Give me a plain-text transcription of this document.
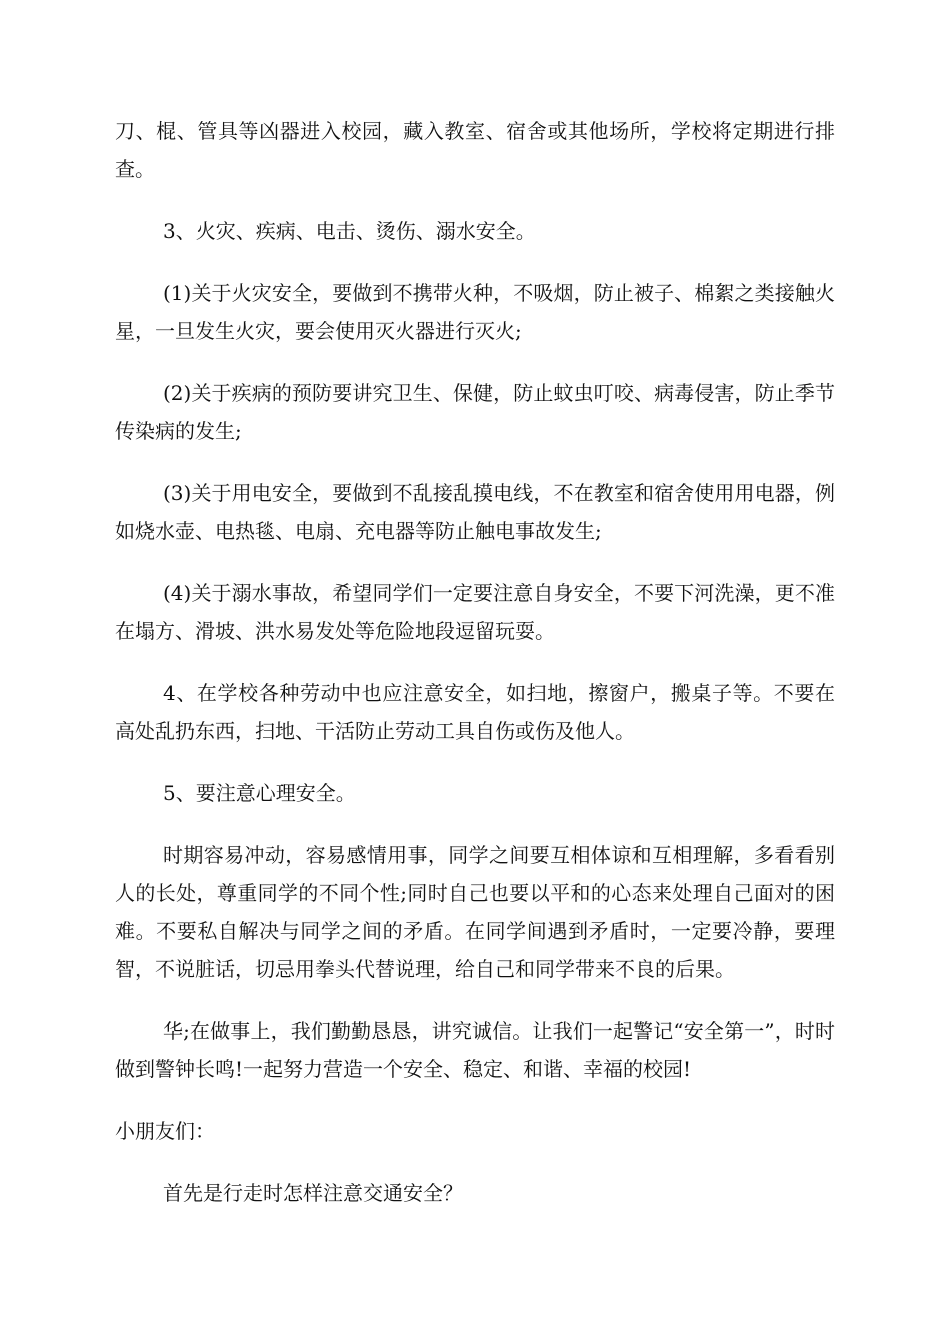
刀、棍、管具等凶器进入校园，藏入教室、宿舍或其他场所，学校将定期进行排查。

3、火灾、疾病、电击、烫伤、溺水安全。

(1)关于火灾安全，要做到不携带火种，不吸烟，防止被子、棉絮之类接触火星，一旦发生火灾，要会使用灭火器进行灭火;

(2)关于疾病的预防要讲究卫生、保健，防止蚊虫叮咬、病毒侵害，防止季节传染病的发生;

(3)关于用电安全，要做到不乱接乱摸电线，不在教室和宿舍使用用电器，例如烧水壶、电热毯、电扇、充电器等防止触电事故发生;

(4)关于溺水事故，希望同学们一定要注意自身安全，不要下河洗澡，更不准在塌方、滑坡、洪水易发处等危险地段逗留玩耍。

4、在学校各种劳动中也应注意安全，如扫地，擦窗户，搬桌子等。不要在高处乱扔东西，扫地、干活防止劳动工具自伤或伤及他人。

5、要注意心理安全。

时期容易冲动，容易感情用事，同学之间要互相体谅和互相理解，多看看别人的长处，尊重同学的不同个性;同时自己也要以平和的心态来处理自己面对的困难。不要私自解决与同学之间的矛盾。在同学间遇到矛盾时，一定要冷静，要理智，不说脏话，切忌用拳头代替说理，给自己和同学带来不良的后果。

华;在做事上，我们勤勤恳恳，讲究诚信。让我们一起警记“安全第一”，时时做到警钟长鸣!一起努力营造一个安全、稳定、和谐、幸福的校园!

小朋友们：

首先是行走时怎样注意交通安全？
